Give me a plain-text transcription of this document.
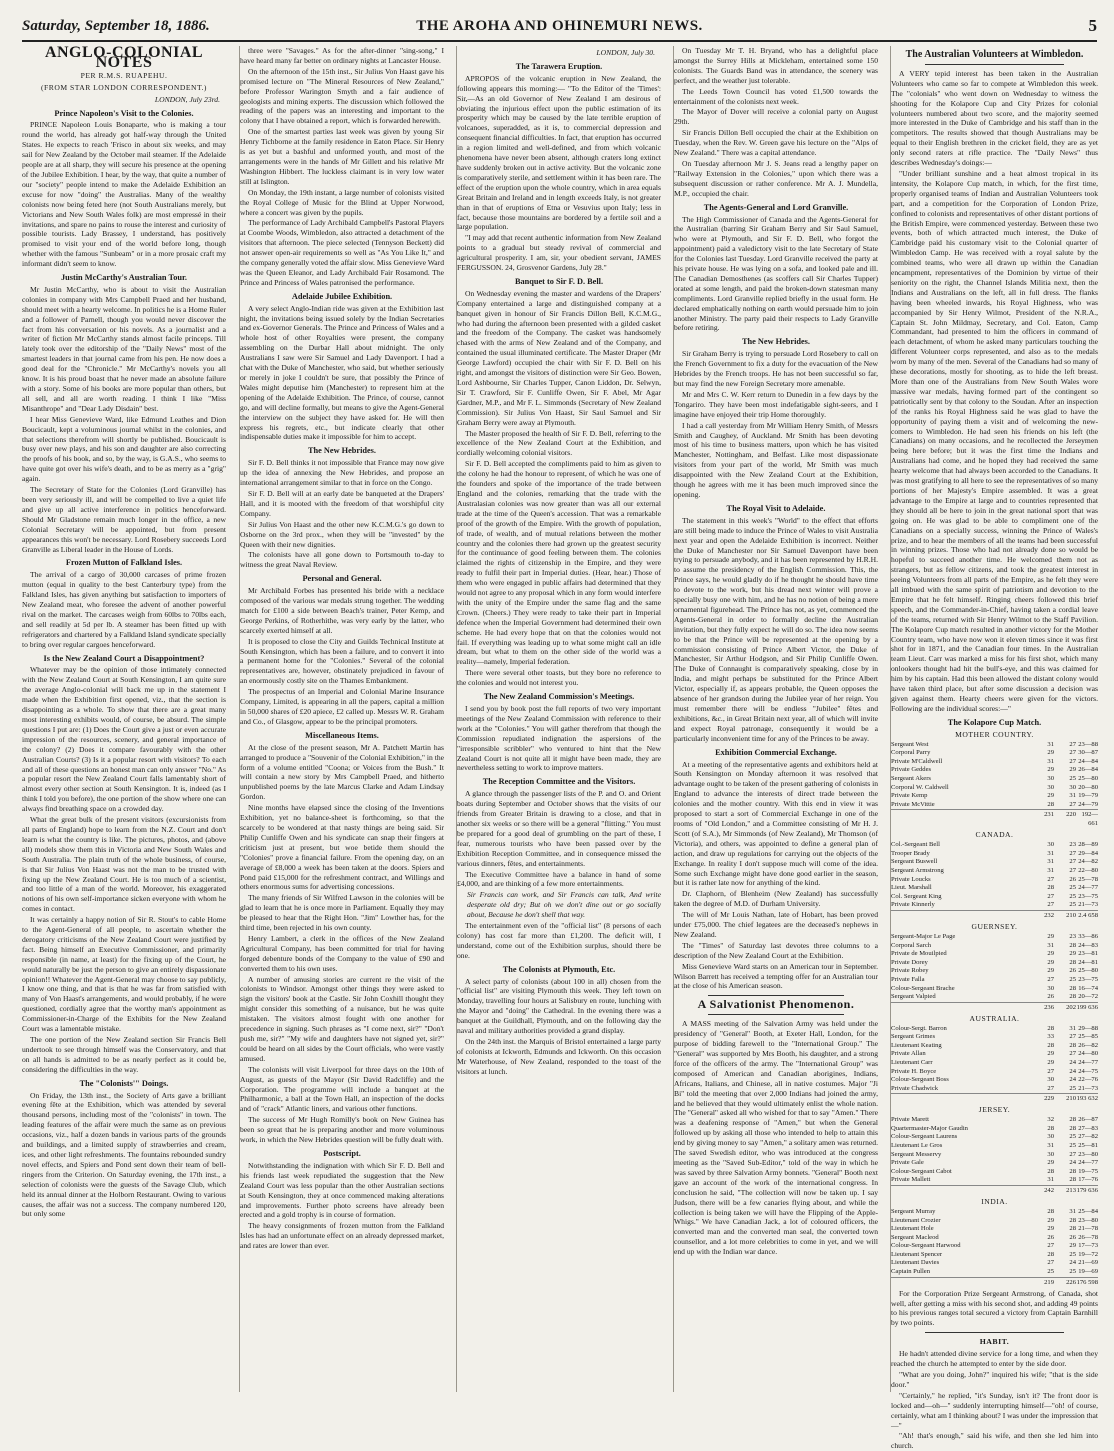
Saturday, September 18, 1886.	THE AROHA AND OHINEMURI NEWS.	5
ANGLO-COLONIAL NOTES
PER R.M.S. RUAPEHU.
(FROM STAR LONDON CORRESPONDENT.)
LONDON, July 23rd.
Prince Napoleon's Visit to the Colonies.

PRINCE Napoleon Louis Bonaparte, who is making a tour round the world, has already got half-way through the United States. He expects to reach 'Frisco in about six weeks, and may sail for New Zealand by the October mail steamer. If the Adelaide people are at all sharp, they will secure his presence at the opening of the Jubilee Exhibition. I hear, by the way, that quite a number of our "society" people intend to make the Adelaide Exhibition an excuse for now "doing" the Australias. Many of the wealthy colonists now being feted here (not South Australians merely, but Victorians and New South Wales folk) are most empressé in their invitations, and spare no pains to rouse the interest and curiosity of possible tourists. Lady Brassey, I understand, has positively promised to visit your end of the world before long, though whether with the famous "Sunbeam" or in a more prosaic craft my informant didn't seem to know.

Justin McCarthy's Australian Tour.

Mr Justin McCarthy, who is about to visit the Australian colonies in company with Mrs Campbell Praed and her husband, should meet with a hearty welcome. In politics he is a Home Ruler and a follower of Parnell, though you would never discover the fact from his conversation or his novels. As a journalist and a writer of fiction Mr McCarthy stands almost facile princeps. Till lately took over the editorship of the "Daily News" most of the smartest leaders in that journal came from his pen. He now does a good deal for the "Chronicle." Mr McCarthy's novels you all know. It is his proud boast that he never made an absolute failure with a story. Some of his books are more popular than others, but all sell, and all are worth reading. I think I like "Miss Misanthrope" and "Dear Lady Disdain" best.

I hear Miss Genevieve Ward, like Edmund Leathes and Dion Boucicault, kept a voluminous journal whilst in the colonies, and that selections therefrom will shortly be published. Boucicault is busy over new plays, and his son and daughter are also correcting the proofs of his book, and so, by the way, is G.A.S., who seems to have quite got over his wife's death, and to be as merry as a "grig" again.

The Secretary of State for the Colonies (Lord Granville) has been very seriously ill, and will be compelled to live a quiet life and give up all active interference in politics henceforward. Should Mr Gladstone remain much longer in the office, a new Colonial Secretary will be appointed, but from present appearances this won't be necessary. Lord Rosebery succeeds Lord Granville as Liberal leader in the House of Lords.

Frozen Mutton of Falkland Isles.

The arrival of a cargo of 30,000 carcases of prime frozen mutton (equal in quality to the best Canterbury type) from the Falkland Isles, has given anything but satisfaction to importers of New Zealand meat, who foresee the advent of another powerful rival on the market. The carcases weigh from 60lbs to 70lbs each, and sell readily at 5d per lb. A steamer has been fitted up with refrigerators and chartered by a Falkland Island syndicate specially to bring over regular cargoes henceforward.

Is the New Zealand Court a Disappointment?

Whatever may be the opinion of those intimately connected with the New Zealand Court at South Kensington, I am quite sure the average Anglo-colonial will back me up in the statement I made when the Exhibition first opened, viz., that the section is disappointing as a whole. To show that there are a great many most interesting exhibits would, of course, be absurd. The simple questions I put are: (1) Does the Court give a just or even accurate impression of the resources, scenery, and general importance of the colony? (2) Does it compare favourably with the other Australian Courts? (3) Is it a popular resort with visitors? To each and all of these questions an honest man can only answer "No." As a popular resort the New Zealand Court falls lamentably short of almost every other section at South Kensington. It is, indeed (as I think I told you before), the one portion of the show where one can always find breathing space on a crowded day.

What the great bulk of the present visitors (excursionists from all parts of England) hope to learn from the N.Z. Court and don't learn is what the country is like. The pictures, photos, and (above all) models show them this in Victoria and New South Wales and South Australia. The plain truth of the whole business, of course, is that Sir Julius Von Haast was not the man to be trusted with fixing up the New Zealand Court. He is too much of a scientist, and too little of a man of the world. Moreover, his exaggerated notions of his own self-importance sicken everyone with whom he comes in contact.

It was certainly a happy notion of Sir R. Stout's to cable Home to the Agent-General of all people, to ascertain whether the derogatory criticisms of the New Zealand Court were justified by fact. Being himself an Executive Commissioner, and primarily responsible (in name, at least) for the fixing up of the Court, he would naturally be just the person to give an entirely dispassionate opinion!! Whatever the Agent-General may choose to say publicly, I know one thing, and that is that he was far from satisfied with many of Von Haast's arrangements, and would probably, if he were questioned, cordially agree that the worthy man's appointment as Commissioner-in-Charge of the Exhibits for the New Zealand Court was a lamentable mistake.

The one portion of the New Zealand section Sir Francis Bell undertook to see through himself was the Conservatory, and that on all hands is admitted to be as nearly perfect as it could be, considering the difficulties in the way.

The "Colonists'" Doings.

On Friday, the 13th inst., the Society of Arts gave a brilliant evening fête at the Exhibition, which was attended by several thousand persons, including most of the "colonists" in town. The leading features of the affair were much the same as on previous occasions, viz., half a dozen bands in various parts of the grounds and buildings, and a limited supply of strawberries and cream, ices, and other light refreshments. The fountains rebounded sundry novel effects, and Spiers and Pond sent down their team of bell-ringers from the Criterion. On Saturday evening, the 17th inst., a selection of colonists were the guests of the Savage Club, which held its annual dinner at the Holborn Restaurant. Owing to various causes, the affair was not a success. The company numbered 120, but only some

three were "Savages." As for the after-dinner "sing-song," I have heard many far better on ordinary nights at Lancaster House.

On the afternoon of the 15th inst., Sir Julius Von Haast gave his promised lecture on "The Mineral Resources of New Zealand," before Professor Warington Smyth and a fair audience of geologists and mining experts. The discussion which followed the reading of the papers was an interesting and important to the colony that I have obtained a report, which is forwarded herewith.

One of the smartest parties last week was given by young Sir Henry Tichborne at the family residence in Eaton Place. Sir Henry is as yet but a bashful and unformed youth, and most of the arrangements were in the hands of Mr Gillett and his relative Mr Washington Hibbert. The luckless claimant is in very low water still at Islington.

On Monday, the 19th instant, a large number of colonists visited the Royal College of Music for the Blind at Upper Norwood, where a concert was given by the pupils.

The performance of Lady Archibald Campbell's Pastoral Players at Coombe Woods, Wimbledon, also attracted a detachment of the visitors that afternoon. The piece selected (Tennyson Beckett) did not answer open-air requirements so well as "As You Like It," and the company generally voted the affair slow. Miss Genevieve Ward was the Queen Eleanor, and Lady Archibald Fair Rosamond. The Prince and Princess of Wales patronised the performance.

Adelaide Jubilee Exhibition.

A very select Anglo-Indian ride was given at the Exhibition last night, the invitations being issued solely by the Indian Secretaries and ex-Governor Generals. The Prince and Princess of Wales and a whole host of other Royalties were present, the company assembling on the Durbar Hall about midnight. The only Australians I saw were Sir Samuel and Lady Davenport. I had a chat with the Duke of Manchester, who said, but whether seriously or merely in joke I couldn't be sure, that possibly the Prince of Wales might deputise him (Manchester) to represent him at the opening of the Adelaide Exhibition. The Prince, of course, cannot go, and will decline formally, but means to give the Agent-General the interview on the subject they have asked for. He will then express his regrets, etc., but indicate clearly that other indispensable duties make it impossible for him to accept.

The New Hebrides.

Sir F. D. Bell thinks it not impossible that France may now give up the idea of annexing the New Hebrides, and propose an international arrangement similar to that in force on the Congo.

Sir F. D. Bell will at an early date be banqueted at the Drapers' Hall, and it is mooted with the freedom of that worshipful city Company.

Sir Julius Von Haast and the other new K.C.M.G.'s go down to Osborne on the 3rd prox., when they will be "invested" by the Queen with their new dignities.

The colonists have all gone down to Portsmouth to-day to witness the great Naval Review.

Personal and General.

Mr Archibald Forbes has presented his bride with a necklace composed of the various war medals strung together. The wedding match for £100 a side between Beach's trainer, Peter Kemp, and George Perkins, of Rotherhithe, was very early by the latter, who scarcely exerted himself at all.

It is proposed to close the City and Guilds Technical Institute at South Kensington, which has been a failure, and to convert it into a permanent home for the "Colonies." Several of the colonial representatives are, however, obstinately prejudiced in favour of an enormously costly site on the Thames Embankment.

The prospectus of an Imperial and Colonial Marine Insurance Company, Limited, is appearing in all the papers, capital a million in 50,000 shares of £20 apiece, £2 called up. Messrs W. R. Graham and Co., of Glasgow, appear to be the principal promoters.

Miscellaneous Items.

At the close of the present season, Mr A. Patchett Martin has arranged to produce a "Souvenir of the Colonial Exhibition," in the form of a volume entitled "Coona; or Voices from the Bush." It will contain a new story by Mrs Campbell Praed, and hitherto unpublished poems by the late Marcus Clarke and Adam Lindsay Gordon.

Nine months have elapsed since the closing of the Inventions Exhibition, yet no balance-sheet is forthcoming, so that the scarcely to be wondered at that nasty things are being said. Sir Philip Cunliffe Owen and his syndicate can snap their fingers at criticism just at present, but woe betide them should the "Colonies" prove a financial failure. From the opening day, on an average of £8,000 a week has been taken at the doors. Spiers and Pond paid £15,000 for the refreshment contract, and Willings and others enormous sums for advertising concessions.

The many friends of Sir Wilfred Lawson in the colonies will be glad to learn that he is once more in Parliament. Equally they may be pleased to hear that the Right Hon. "Jim" Lowther has, for the third time, been rejected in his own county.

Henry Lambert, a clerk in the offices of the New Zealand Agricultural Company, has been committed for trial for having forged debenture bonds of the Company to the value of £90 and converted them to his own uses.

A number of amusing stories are current re the visit of the colonists to Windsor. Amongst other things they were asked to sign the visitors' book at the Castle. Sir John Coxhill thought they might consider this something of a nuisance, but he was quite mistaken. The visitors almost fought with one another for precedence in signing. Such phrases as "I come next, sir?" "Don't push me, sir?" "My wife and daughters have not signed yet, sir?" could be heard on all sides by the Court officials, who were vastly amused.

The colonists will visit Liverpool for three days on the 10th of August, as guests of the Mayor (Sir David Radcliffe) and the Corporation. The programme will include a banquet at the Philharmonic, a ball at the Town Hall, an inspection of the docks and of "crack" Atlantic liners, and various other functions.

The success of Mr Hugh Romilly's book on New Guinea has been so great that he is preparing another and more voluminous work, in which the New Hebrides question will be fully dealt with.

Postscript.

Notwithstanding the indignation with which Sir F. D. Bell and his friends last week repudiated the suggestion that the New Zealand Court was less popular than the other Australian sections at South Kensington, they at once commenced making alterations and improvements. Further photo screens have already been erected and a gold trophy is in course of formation.

The heavy consignments of frozen mutton from the Falkland Isles has had an unfortunate effect on an already depressed market, and rates are lower than ever.

LONDON, July 30.
The Tarawera Eruption.

APROPOS of the volcanic eruption in New Zealand, the following appears this morning:— "To the Editor of the 'Times': Sir,—As an old Governor of New Zealand I am desirous of obviating the injurious effect upon the public estimation of its prosperity which may be caused by the late terrible eruption of volcanoes, superadded, as it is, to commercial depression and consequent financial difficulties. In fact, that eruption has occurred in a region limited and well-defined, and from which volcanic phenomena have never been absent, although craters long extinct have suddenly broken out in active activity. But the volcanic zone is comparatively sterile, and settlement within it has been rare. The effect of the eruption upon the whole country, which in area equals Great Britain and Ireland and in length exceeds Italy, is not greater than in that of eruptions of Etna or Vesuvius upon Italy; less in fact, because those mountains are bordered by a fertile soil and a large population.

"I may add that recent authentic information from New Zealand points to a gradual but steady revival of commercial and agricultural prosperity. I am, sir, your obedient servant, JAMES FERGUSSON. 24, Grosvenor Gardens, July 28."

Banquet to Sir F. D. Bell.

On Wednesday evening the master and wardens of the Drapers' Company entertained a large and distinguished company at a banquet given in honour of Sir Francis Dillon Bell, K.C.M.G., who had during the afternoon been presented with a gilded casket and the freedom of the Company. The casket was handsomely chased with the arms of New Zealand and of the Company, and contained the usual illuminated certificate. The Master Draper (Mr George Lawford) occupied the chair with Sir F. D. Bell on his right, and amongst the visitors of distinction were Sir Geo. Bowen, Lord Ashbourne, Sir Charles Tupper, Canon Liddon, Dr. Selwyn, Sir T. Crawford, Sir F. Cunliffe Owen, Sir F. Abel, Mr Agar Gardner, M.P., and Mr F. L. Simmonds (Secretary of New Zealand Commission). Sir Julius Von Haast, Sir Saul Samuel and Sir Graham Berry were away at Plymouth.

The Master proposed the health of Sir F. D. Bell, referring to the excellence of the New Zealand Court at the Exhibition, and cordially welcoming colonial visitors.

Sir F. D. Bell accepted the compliments paid to him as given to the colony he had the honour to represent, of which he was one of the founders and spoke of the importance of the trade between England and the colonies, remarking that the trade with the Australasian colonies was now greater than was all our external trade at the time of the Queen's accession. That was a remarkable proof of the growth of the Empire. With the growth of population, of trade, of wealth, and of mutual relations between the mother country and the colonies there had grown up the greatest security for the continuance of good feeling between them. The colonies claimed the rights of citizenship in the Empire, and they were ready to fulfil their part in Imperial duties. (Hear, hear.) Those of them who were engaged in public affairs had determined that they would not agree to any proposal which in any form would interfere with the unity of the Empire under the same flag and the same Crown. (Cheers.) They were ready to take their part in Imperial defence when the Imperial Government had determined their own scheme. He had every hope that on that the colonies would not fail. If everything was leading up to what some might call an idle dream, but what to them on the other side of the world was a reality—namely, Imperial federation.

There were several other toasts, but they bore no reference to the colonies and would not interest you.

The New Zealand Commission's Meetings.

I send you by book post the full reports of two very important meetings of the New Zealand Commission with reference to their work at the "Colonies." You will gather therefrom that though the Commission repudiated indignation the aspersions of the "irresponsible scribbler" who ventured to hint that the New Zealand Court is not quite all it might have been made, they are nevertheless setting to work to improve matters.

The Reception Committee and the Visitors.

A glance through the passenger lists of the P. and O. and Orient boats during September and October shows that the visits of our friends from Greater Britain is drawing to a close, and that in another six weeks or so there will be a general "flitting." You must be prepared for a good deal of grumbling on the part of these, I fear, numerous tourists who have been passed over by the Exhibition Reception Committee, and in consequence missed the various dinners, fêtes, and entertainments.

The Executive Committee have a balance in hand of some £4,000, and are thinking of a few more entertainments.

Sir Francis can work, and Sir Francis can talk, And write desperate old dry; But oh we don't dine out or go socially about, Because he don't shell that way.

The entertainment even of the "official list" (8 persons of each colony) has cost far more than £1,200. The deficit will, I understand, come out of the Exhibition surplus, should there be one.

The Colonists at Plymouth, Etc.

A select party of colonists (about 100 in all) chosen from the "official list" are visiting Plymouth this week. They left town on Monday, travelling four hours at Salisbury en route, lunching with the Mayor and "doing" the Cathedral. In the evening there was a banquet at the Guildhall, Plymouth, and on the following day the naval and military authorities provided a grand display.

On the 24th inst. the Marquis of Bristol entertained a large party of colonists at Ickworth, Edmunds and Ickworth. On this occasion Mr Waterhouse, of New Zealand, responded to the toast of the visitors at lunch.

On Tuesday Mr T. H. Bryand, who has a delightful place amongst the Surrey Hills at Mickleham, entertained some 150 colonists. The Guards Band was in attendance, the scenery was perfect, and the weather just tolerable.

The Leeds Town Council has voted £1,500 towards the entertainment of the colonists next week.

The Mayor of Dover will receive a colonial party on August 29th.

Sir Francis Dillon Bell occupied the chair at the Exhibition on Tuesday, when the Rev. W. Green gave his lecture on the "Alps of New Zealand." There was a capital attendance.

On Tuesday afternoon Mr J. S. Jeans read a lengthy paper on "Railway Extension in the Colonies," upon which there was a subsequent discussion or rather conference. Mr A. J. Mundella, M.P., occupied the chair.

The Agents-General and Lord Granville.

The High Commissioner of Canada and the Agents-General for the Australian (barring Sir Graham Berry and Sir Saul Samuel, who were at Plymouth, and Sir F. D. Bell, who forgot the appointment) paid a valedictory visit to the late Secretary of State for the Colonies last Tuesday. Lord Granville received the party at his private house. He was lying on a sofa, and looked pale and ill. The Canadian Demosthenes (as scoffers call Sir Charles Tupper) orated at some length, and paid the broken-down statesman many compliments. Lord Granville replied briefly in the usual form. He declared emphatically nothing on earth would persuade him to join another Ministry. The party paid their respects to Lady Granville before retiring.

The New Hebrides.

Sir Graham Berry is trying to persuade Lord Rosebery to call on the French Government to fix a duty for the evacuation of the New Hebrides by the French troops. He has not been successful so far, but may find the new Foreign Secretary more amenable.

Mr and Mrs C. W. Kerr return to Dunedin in a few days by the Tongariro. They have been most indefatigable sight-seers, and I imagine have enjoyed their trip Home thoroughly.

I had a call yesterday from Mr William Henry Smith, of Messrs Smith and Caughey, of Auckland. Mr Smith has been devoting most of his time to business matters, upon which he has visited Manchester, Nottingham, and Belfast. Like most dispassionate visitors from your part of the world, Mr Smith was much disappointed with the New Zealand Court at the Exhibition, though he agrees with me it has been much improved since the opening.

The Royal Visit to Adelaide.

The statement in this week's "World" to the effect that efforts are still being made to induce the Prince of Wales to visit Australia next year and open the Adelaide Exhibition is incorrect. Neither the Duke of Manchester nor Sir Samuel Davenport have been trying to persuade anybody, and it has been represented by H.R.H. to assume the presidency of the English Commission. This, the Prince says, he would gladly do if he thought he should have time to devote to the work, but his dread next winter will prove a specially busy one with him, and he has no notion of being a mere ornamental figurehead. The Prince has not, as yet, commenced the Agents-General in order to formally decline the Australian invitation, but they fully expect he will do so. The idea now seems to be that the Prince will be represented at the opening by a commission consisting of Prince Albert Victor, the Duke of Manchester, Sir Arthur Hodgson, and Sir Philip Cunliffe Owen. The Duke of Connaught is comparatively speaking, close by in India, and might perhaps be substituted for the Prince Albert Victor, especially if, as appears probable, the Queen opposes the absence of her grandson during the Jubilee year of her reign. You must remember there will be endless "Jubilee" fêtes and exhibitions, &c., in Great Britain next year, all of which will invite and expect Royal patronage, consequently it would be a particularly inconvenient time for any of the Princes to be away.

Exhibition Commercial Exchange.

At a meeting of the representative agents and exhibitors held at South Kensington on Monday afternoon it was resolved that advantage ought to be taken of the present gathering of colonists in England to advance the interests of direct trade between the colonies and the mother country. With this end in view it was proposed to start a sort of Commercial Exchange in one of the rooms of "Old London," and a Committee consisting of Mr H. J. Scott (of S.A.), Mr Simmonds (of New Zealand), Mr Thomson (of Victoria), and others, was appointed to define a general plan of action, and draw up regulations for carrying out the objects of the Exchange. In reality I don't suppose much will come of the idea. Some such Exchange might have done good earlier in the season, but it is rather late now for anything of the kind.

Dr. Claphorn, of Blenheim (New Zealand) has successfully taken the degree of M.D. of Durham University.

The will of Mr Louis Nathan, late of Hobart, has been proved under £75,000. The chief legatees are the deceased's nephews in New Zealand.

The "Times" of Saturday last devotes three columns to a description of the New Zealand Court at the Exhibition.

Miss Genevieve Ward starts on an American tour in September. Wilson Barrett has received a tempting offer for an Australian tour at the close of his American season.

A Salvationist Phenomenon.

A MASS meeting of the Salvation Army was held under the presidency of "General" Booth, at Exeter Hall, London, for the purpose of bidding farewell to the "International Group." The "General" was supported by Mrs Booth, his daughter, and a strong force of the officers of the army. The "International Group" was composed of American and Canadian aborigines, Indians, Africans, Italians, and Chinese, all in native costumes. Major "Ji Bi" told the meeting that over 2,000 Indians had joined the army, and he believed that they would ultimately enlist the whole nation. The "General" asked all who wished for that to say "Amen." There was a deafening response of "Amen," but when the General followed up by asking all those who intended to help to attain this end by giving money to say "Amen," a solitary amen was returned. The saved Swedish editor, who was introduced at the congress meeting as the "Saved Sub-Editor," told of the way in which he was saved by three Salvation Army bonnets. "General" Booth next gave an account of the work of the international congress. In conclusion he said, "The collection will now be taken up. I say Judson, there will be a few canaries flying about, and while the collection is being taken we will have the Flipping of the Apple-Whigs." We have Canadian Jack, a lot of coloured officers, the converted man and the converted man seal, the converted town counsellor, and a lot more celebrities to come in yet, and we will end up with the Indian war dance.

The Australian Volunteers at Wimbledon.

A VERY tepid interest has been taken in the Australian Volunteers who came so far to compete at Wimbledon this week. The "colonials" who went down on Wednesday to witness the shooting for the Kolapore Cup and City Prizes for colonial volunteers numbered about two score, and the majority seemed more interested in the Duke of Cambridge and his staff than in the competitors. The results showed that though Australians may be equal to their English brethren in the cricket field, they are as yet only second raters at rifle practice. The "Daily News" thus describes Wednesday's doings:—

"Under brilliant sunshine and a heat almost tropical in its intensity, the Kolapore Cup match, in which, for the first time, properly organised teams of Indian and Australian Volunteers took part, and a competition for the Corporation of London Prize, confined to colonists and representatives of other distant portions of the British Empire, were commenced yesterday. Between these two events, both of which attracted much interest, the Duke of Cambridge paid his customary visit to the Colonial quarter of Wimbledon Camp. He was received with a royal salute by the combined teams, who were all drawn up within the Canadian encampment, representatives of the Dominion by virtue of their seniority on the right, the Channel Islands Militia next, then the Indians and Australians on the left, all in full dress. The flanks having been wheeled inwards, his Royal Highness, who was accompanied by Sir Henry Wilmot, President of the N.R.A., Captain St. John Mildmay, Secretary, and Col. Eaton, Camp Commandant, had presented to him the officers in command of each detachment, of whom he asked many particulars touching the different Volunteer corps represented, and also as to the medals worn by many of the men. Several of the Canadians had so many of these decorations, mostly for shooting, as to hide the left breast. More than one of the Australians from New South Wales wore massive war medals, having formed part of the contingent so patriotically sent by that colony to the Soudan. After an inspection of the ranks his Royal Highness said he was glad to have the opportunity of paying them a visit and of welcoming the new-comers to Wimbledon. He had seen his friends on his left (the Canadians) on many occasions, and he recollected the Jerseymen being here before; but it was the first time the Indians and Australians had come, and he hoped they had received the same hearty welcome that had always been accorded to the Canadians. It was most gratifying to all here to see the representatives of so many portions of her Majesty's Empire assembled. It was a great advantage to the Empire at large and to countries represented that they should all be here to join in the great national sport that was going on. He was glad to be able to compliment one of the Canadians on a specially success, winning the Prince of Wales's prize, and to hear the members of all the teams had been successful in winning prizes. Those who had not already done so would be hopeful to succeed another time. He welcomed them not as strangers, but as fellow citizens, and took the greatest interest in seeing Volunteers from all parts of the Empire, as he felt they were all imbued with the same spirit of patriotism and devotion to the Empire that he felt himself. Ringing cheers followed this brief speech, and the Commander-in-Chief, having taken a cordial leave of the teams, returned with Sir Henry Wilmot to the Staff Pavilion. The Kolapore Cup match resulted in another victory for the Mother Country team, who have now won it eleven times since it was first shot for in 1871, and the Canadian four times. In the Australian team Lieut. Carr was marked a miss for his first shot, which many onlookers thought had hit the bull's-eye, and this was claimed for him by his captain. Had this been allowed the distant colony would have taken third place, but after some discussion a decision was given against them. Hearty cheers were given for the victors. Following are the individual scores:—"

The Kolapore Cup Match.
MOTHER COUNTRY.
Sergeant West	31	27 23—88
Corporal Parry	29	27 30—87
Private M'Caldwell	31	27 24—84
Private Geddes	29	29 26—84
Sergeant Akers	30	25 25—80
Corporal W. Caldwell	30	30 20—80
Private Kemp	29	31 19—79
Private McVittie	28	27 24—79
231	220 192—661
CANADA.
Col.-Sergeant Bell	30	23 28—89
Trooper Brady	31	27 29—84
Sergeant Buswell	31	27 24—82
Sergeant Armstrong	31	27 22—80
Private Loucks	27	26 25—78
Lieut. Marshall	28	25 24—77
Col. Sergeant King	27	25 23—75
Private Kinnerly	27	25 21—73
232	210 2.4 658
GUERNSEY.
Sergeant-Major Le Page	29	23 33—86
Corporal Sarch	31	28 24—83
Private de Mouilpied	29	29 23—81
Private Dorey	29	28 24—81
Private Robey	29	26 25—80
Private Falla	27	25 23—75
Colour-Sergeant Brache	30	28 16—74
Sergeant Valpied	26	28 20—72
236	202 199 636
AUSTRALIA.
Colour-Sergt. Barron	28	31 29—88
Sergeant Grimes	33	27 25—85
Lieutenant Keating	28	28 26—82
Private Allan	29	27 24—80
Lieutenant Carr	29	24 24—77
Private H. Boyce	27	24 24—75
Colour-Sergeant Boss	30	24 22—76
Private Chadwick	27	25 21—73
229	210 193 632
JERSEY.
Private Marett	32	28 26—87
Quartermaster-Major Gaudin	28	28 27—83
Colour-Sergeant Laurens	30	25 27—82
Lieutenant Le Gros	31	25 25—81
Sergeant Messervy	30	27 23—80
Private Gale	29	24 24—77
Colour-Sergeant Cabot	28	28 19—75
Private Mallett	31	28 17—76
242	213 179 636
INDIA.
Sergeant Murray	28	31 25—84
Lieutenant Crozier	29	28 23—80
Lieutenant Hole	29	28 21—78
Sergeant Macleod	26	26 26—78
Colour-Sergeant Harwood	27	29 17—73
Lieutenant Spencer	28	25 19—72
Lieutenant Davies	27	24 21—69
Captain Pullen	25	25 19—69
219	226 176 598

For the Corporation Prize Sergeant Armstrong, of Canada, shot well, after getting a miss with his second shot, and adding 49 points to his previous ranges total secured a victory from Captain Barnhill by two points.

HABIT.

He hadn't attended divine service for a long time, and when they reached the church he attempted to enter by the side door.

"What are you doing, John?" inquired his wife; "that is the side door."

"Certainly," he replied, "it's Sunday, isn't it? The front door is locked and—oh—" suddenly interrupting himself—"oh! of course, certainly, what am I thinking about? I was under the impression that—"

"Ah! that's enough," said his wife, and then she led him into church.
